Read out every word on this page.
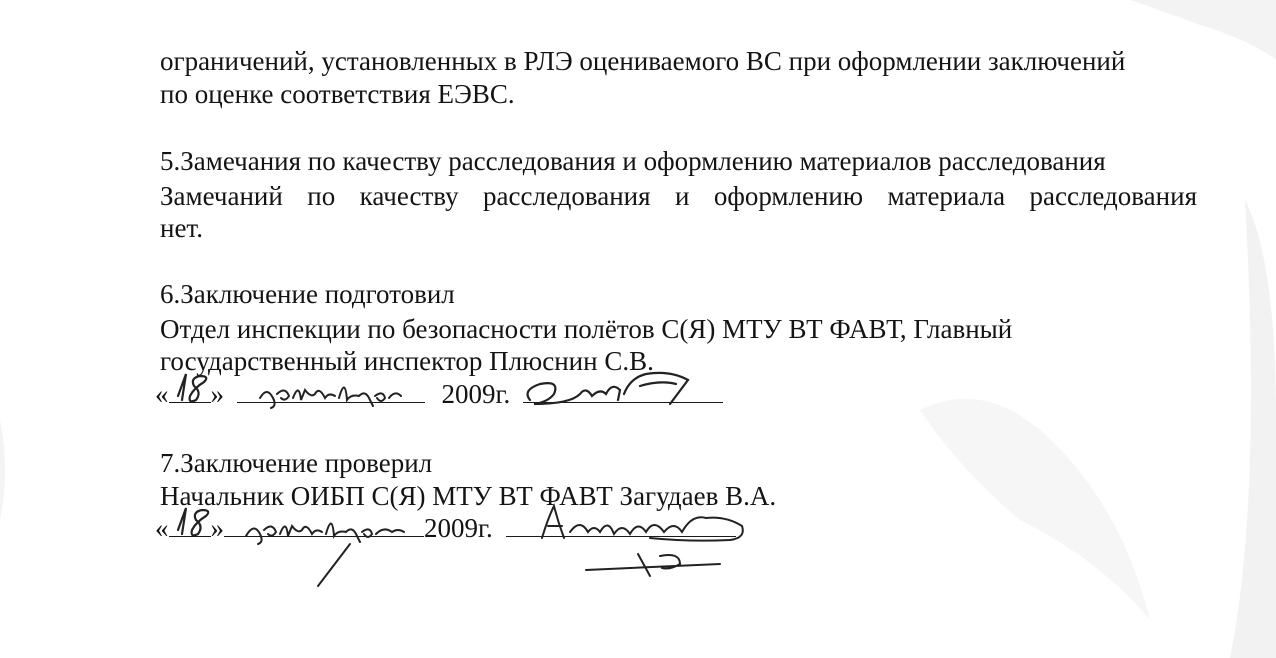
ограничений, установленных в РЛЭ оцениваемого ВС при оформлении заключений
по оценке соответствия ЕЭВС.
5.Замечания по качеству расследования и оформлению материалов расследования
Замечаний по качеству расследования и оформлению материала расследования
нет.
6.Заключение подготовил
Отдел инспекции по безопасности полётов С(Я) МТУ ВТ ФАВТ, Главный
государственный инспектор Плюснин С.В.
« »	2009г.
7.Заключение проверил
Начальник ОИБП С(Я) МТУ ВТ ФАВТ Загудаев В.А.
« »	2009г.
